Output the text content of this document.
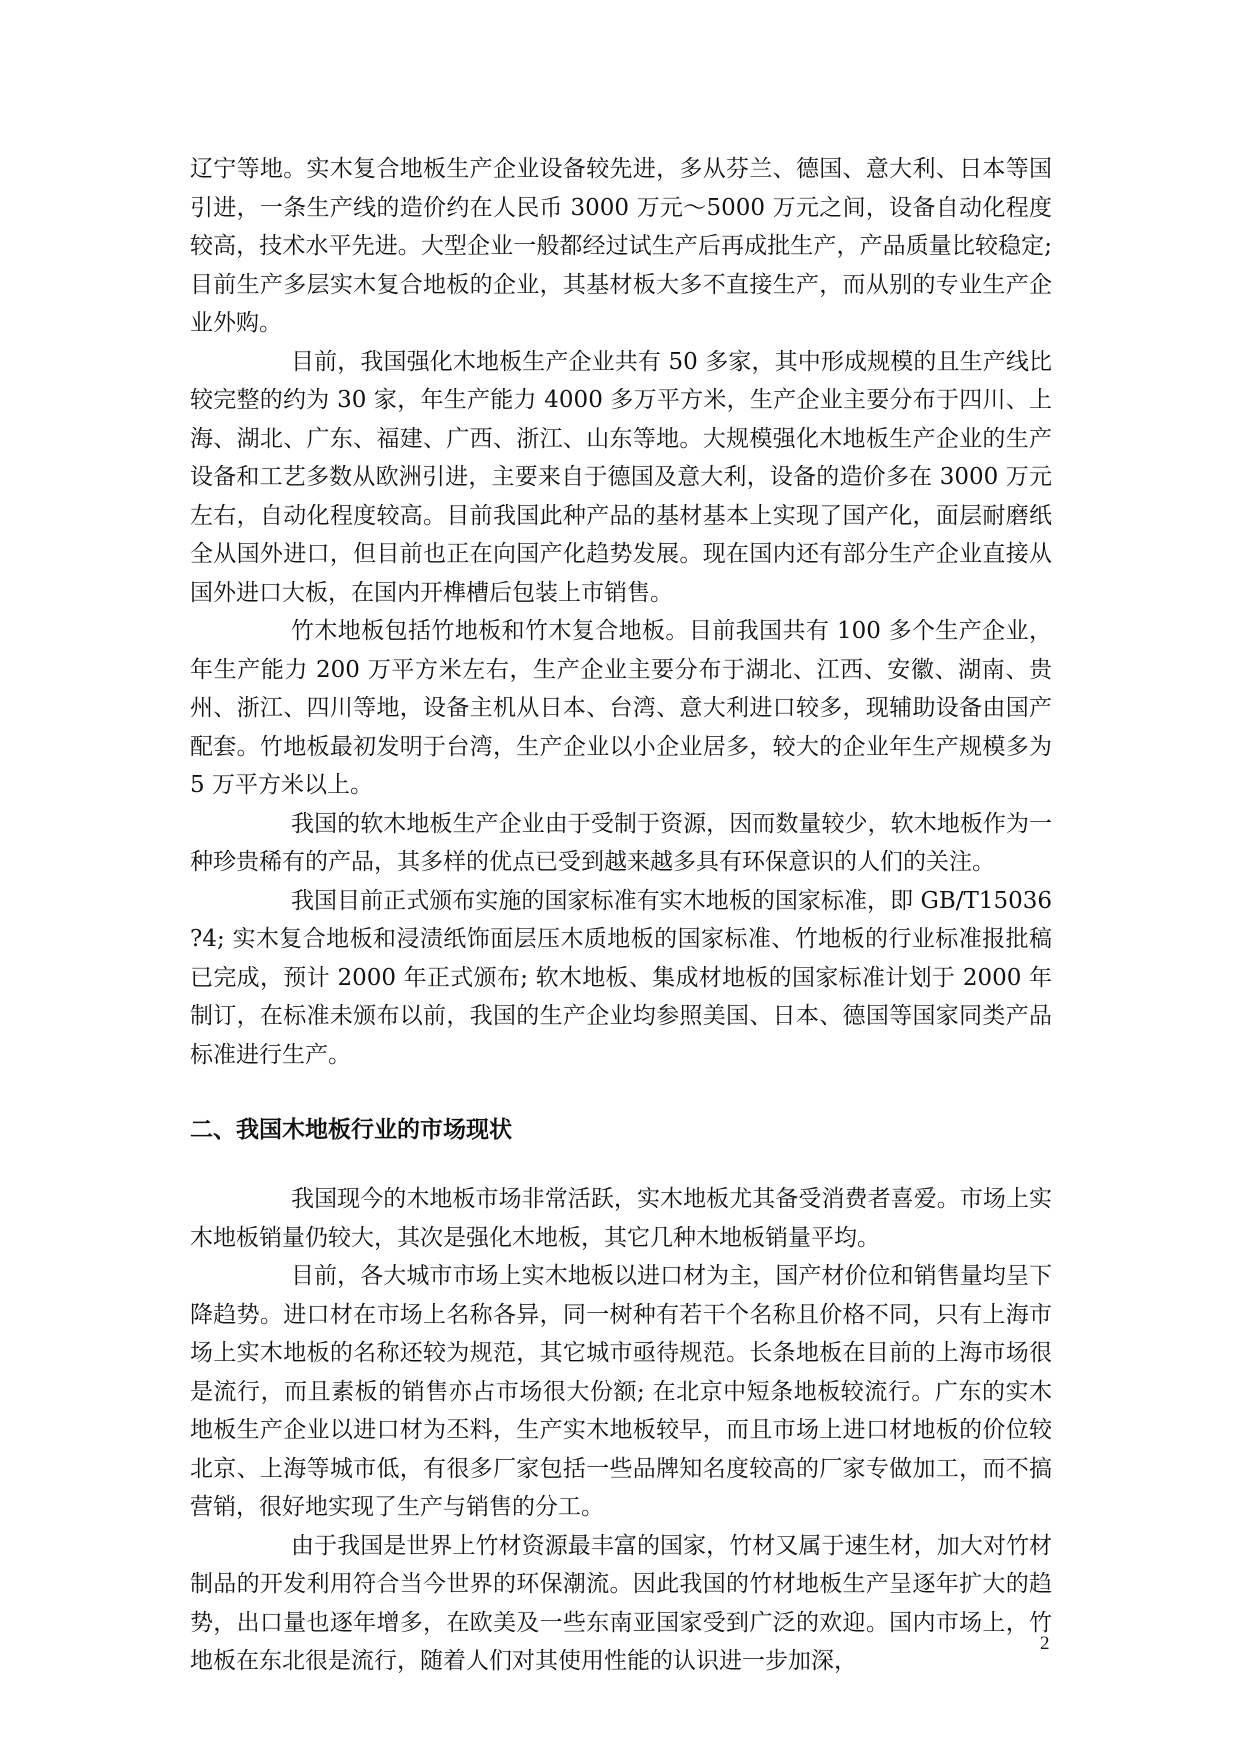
辽宁等地。实木复合地板生产企业设备较先进，多从芬兰、德国、意大利、日本等国引进，一条生产线的造价约在人民币 3000 万元～5000 万元之间，设备自动化程度较高，技术水平先进。大型企业一般都经过试生产后再成批生产，产品质量比较稳定; 目前生产多层实木复合地板的企业，其基材板大多不直接生产，而从别的专业生产企业外购。

目前，我国强化木地板生产企业共有 50 多家，其中形成规模的且生产线比较完整的约为 30 家，年生产能力 4000 多万平方米，生产企业主要分布于四川、上海、湖北、广东、福建、广西、浙江、山东等地。大规模强化木地板生产企业的生产设备和工艺多数从欧洲引进，主要来自于德国及意大利，设备的造价多在 3000 万元左右，自动化程度较高。目前我国此种产品的基材基本上实现了国产化，面层耐磨纸全从国外进口，但目前也正在向国产化趋势发展。现在国内还有部分生产企业直接从国外进口大板，在国内开榫槽后包装上市销售。

竹木地板包括竹地板和竹木复合地板。目前我国共有 100 多个生产企业，年生产能力 200 万平方米左右，生产企业主要分布于湖北、江西、安徽、湖南、贵州、浙江、四川等地，设备主机从日本、台湾、意大利进口较多，现辅助设备由国产配套。竹地板最初发明于台湾，生产企业以小企业居多，较大的企业年生产规模多为 5 万平方米以上。

我国的软木地板生产企业由于受制于资源，因而数量较少，软木地板作为一种珍贵稀有的产品，其多样的优点已受到越来越多具有环保意识的人们的关注。

我国目前正式颁布实施的国家标准有实木地板的国家标准，即 GB/T15036?4; 实木复合地板和浸渍纸饰面层压木质地板的国家标准、竹地板的行业标准报批稿已完成，预计 2000 年正式颁布; 软木地板、集成材地板的国家标准计划于 2000 年制订，在标准未颁布以前，我国的生产企业均参照美国、日本、德国等国家同类产品标准进行生产。

二、我国木地板行业的市场现状

我国现今的木地板市场非常活跃，实木地板尤其备受消费者喜爱。市场上实木地板销量仍较大，其次是强化木地板，其它几种木地板销量平均。

目前，各大城市市场上实木地板以进口材为主，国产材价位和销售量均呈下降趋势。进口材在市场上名称各异，同一树种有若干个名称且价格不同，只有上海市场上实木地板的名称还较为规范，其它城市亟待规范。长条地板在目前的上海市场很是流行，而且素板的销售亦占市场很大份额; 在北京中短条地板较流行。广东的实木地板生产企业以进口材为丕料，生产实木地板较早，而且市场上进口材地板的价位较北京、上海等城市低，有很多厂家包括一些品牌知名度较高的厂家专做加工，而不搞营销，很好地实现了生产与销售的分工。

由于我国是世界上竹材资源最丰富的国家，竹材又属于速生材，加大对竹材制品的开发利用符合当今世界的环保潮流。因此我国的竹材地板生产呈逐年扩大的趋势，出口量也逐年增多，在欧美及一些东南亚国家受到广泛的欢迎。国内市场上，竹地板在东北很是流行，随着人们对其使用性能的认识进一步加深，

2
